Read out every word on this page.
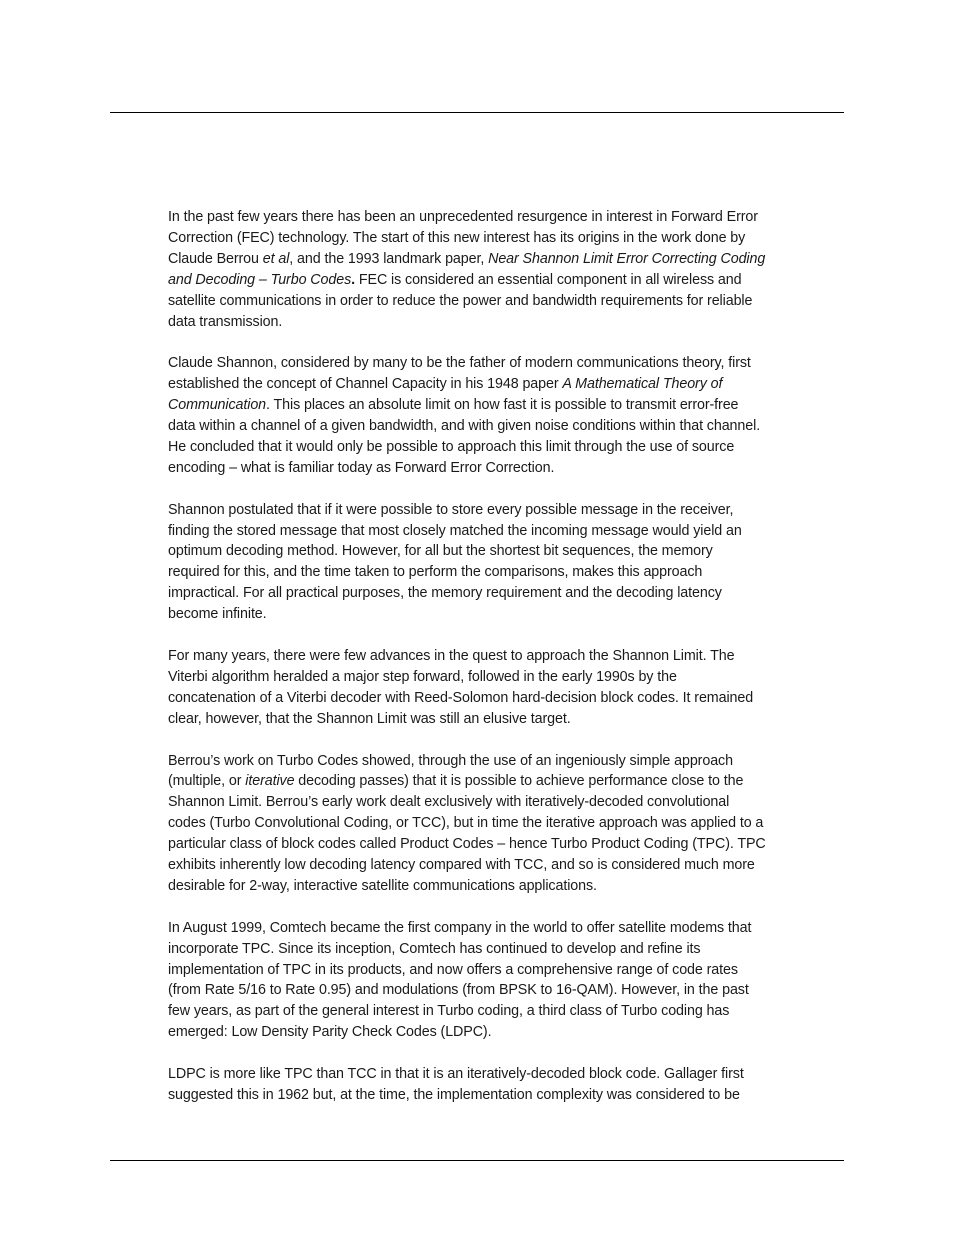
In the past few years there has been an unprecedented resurgence in interest in Forward Error
Correction (FEC) technology. The start of this new interest has its origins in the work done by
Claude Berrou et al, and the 1993 landmark paper, Near Shannon Limit Error Correcting Coding
and Decoding – Turbo Codes. FEC is considered an essential component in all wireless and
satellite communications in order to reduce the power and bandwidth requirements for reliable
data transmission.

Claude Shannon, considered by many to be the father of modern communications theory, first
established the concept of Channel Capacity in his 1948 paper A Mathematical Theory of
Communication. This places an absolute limit on how fast it is possible to transmit error-free
data within a channel of a given bandwidth, and with given noise conditions within that channel.
He concluded that it would only be possible to approach this limit through the use of source
encoding – what is familiar today as Forward Error Correction.

Shannon postulated that if it were possible to store every possible message in the receiver,
finding the stored message that most closely matched the incoming message would yield an
optimum decoding method. However, for all but the shortest bit sequences, the memory
required for this, and the time taken to perform the comparisons, makes this approach
impractical. For all practical purposes, the memory requirement and the decoding latency
become infinite.

For many years, there were few advances in the quest to approach the Shannon Limit. The
Viterbi algorithm heralded a major step forward, followed in the early 1990s by the
concatenation of a Viterbi decoder with Reed-Solomon hard-decision block codes. It remained
clear, however, that the Shannon Limit was still an elusive target.

Berrou’s work on Turbo Codes showed, through the use of an ingeniously simple approach
(multiple, or iterative decoding passes) that it is possible to achieve performance close to the
Shannon Limit. Berrou’s early work dealt exclusively with iteratively-decoded convolutional
codes (Turbo Convolutional Coding, or TCC), but in time the iterative approach was applied to a
particular class of block codes called Product Codes – hence Turbo Product Coding (TPC). TPC
exhibits inherently low decoding latency compared with TCC, and so is considered much more
desirable for 2-way, interactive satellite communications applications.

In August 1999, Comtech became the first company in the world to offer satellite modems that
incorporate TPC. Since its inception, Comtech has continued to develop and refine its
implementation of TPC in its products, and now offers a comprehensive range of code rates
(from Rate 5/16 to Rate 0.95) and modulations (from BPSK to 16-QAM). However, in the past
few years, as part of the general interest in Turbo coding, a third class of Turbo coding has
emerged: Low Density Parity Check Codes (LDPC).

LDPC is more like TPC than TCC in that it is an iteratively-decoded block code. Gallager first
suggested this in 1962 but, at the time, the implementation complexity was considered to be
